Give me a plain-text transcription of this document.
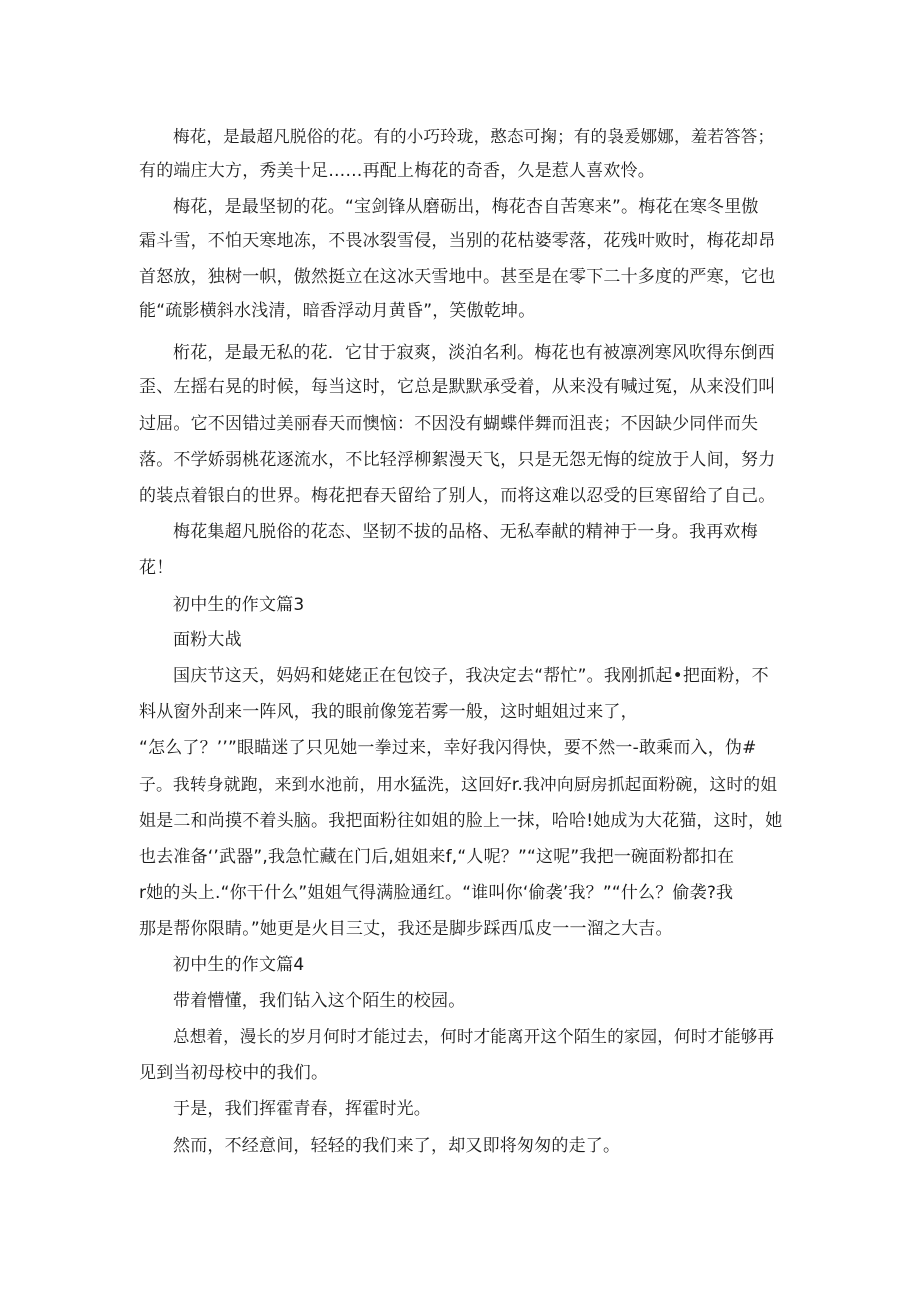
梅花，是最超凡脱俗的花。有的小巧玲珑，憨态可掬；有的袅爰娜娜，羞若答答；
有的端庄大方，秀美十足……再配上梅花的奇香，久是惹人喜欢怜。
梅花，是最坚韧的花。“宝剑锋从磨砺出，梅花杏自苦寒来”。梅花在寒冬里傲
霜斗雪，不怕天寒地冻，不畏冰裂雪侵，当别的花枯婆零落，花残叶败时，梅花却昂
首怒放，独树一帜，傲然挺立在这冰天雪地中。甚至是在零下二十多度的严寒，它也
能“疏影横斜水浅清，暗香浮动月黄昏”，笑傲乾坤。
桁花，是最无私的花．它甘于寂爽，淡泊名利。梅花也有被凛冽寒风吹得东倒西
歪、左摇右晃的时候，每当这时，它总是默默承受着，从来没有喊过冤，从来没们叫
过屈。它不因错过美丽春天而懊恼：不因没有蝴蝶伴舞而沮丧；不因缺少同伴而失
落。不学娇弱桃花逐流水，不比轻浮柳絮漫天飞，只是无怨无悔的绽放于人间，努力
的装点着银白的世界。梅花把春天留给了别人，而将这难以忍受的巨寒留给了自己。
梅花集超凡脱俗的花态、坚韧不拔的品格、无私奉献的精神于一身。我再欢梅
花！
初中生的作文篇3
面粉大战
国庆节这天，妈妈和姥姥正在包饺子，我决定去“帮忙”。我刚抓起•把面粉，不
料从窗外刮来一阵风，我的眼前像笼若雾一般，这时蛆姐过来了，
“怎么了？’’”眼瞄迷了只见她一拳过来，幸好我闪得快，要不然一-敢乘而入，伪#
子。我转身就跑，来到水池前，用水猛洗，这回好r.我冲向厨房抓起面粉碗，这时的姐
姐是二和尚摸不着头脑。我把面粉往如姐的脸上一抹，哈哈!她成为大花猫，这时，她
也去准备‘’武器”,我急忙藏在门后,姐姐来f,“人呢？”“这呢”我把一碗面粉都扣在
r她的头上.“你干什么”姐姐气得满脸通红。“谁叫你‘偷袭’我？”“什么？偷袭?我
那是帮你限睛。”她更是火目三丈，我还是脚步踩西瓜皮一一溜之大吉。
初中生的作文篇4
带着懵懂，我们钻入这个陌生的校园。
总想着，漫长的岁月何时才能过去，何时才能离开这个陌生的家园，何时才能够再
见到当初母校中的我们。
于是，我们挥霍青春，挥霍时光。
然而，不经意间，轻轻的我们来了，却又即将匆匆的走了。
